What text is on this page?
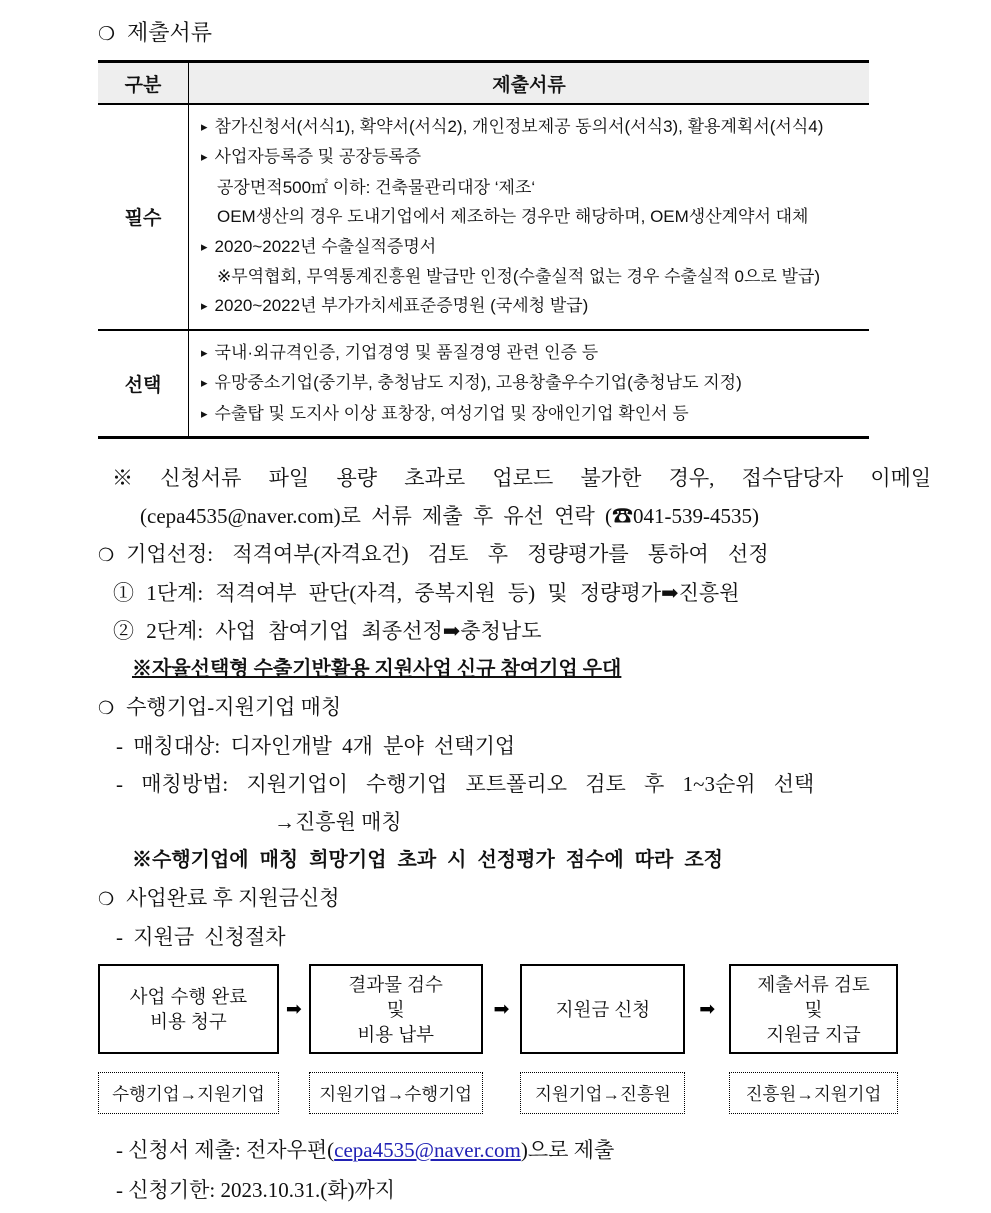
❍ 제출서류
구분	제출서류
필수
▸ 참가신청서(서식1), 확약서(서식2), 개인정보제공 동의서(서식3), 활용계획서(서식4)
▸ 사업자등록증 및 공장등록증
공장면적500㎡ 이하: 건축물관리대장 ‘제조‘
OEM생산의 경우 도내기업에서 제조하는 경우만 해당하며, OEM생산계약서 대체
▸ 2020~2022년 수출실적증명서
※무역협회, 무역통계진흥원 발급만 인정(수출실적 없는 경우 수출실적 0으로 발급)
▸ 2020~2022년 부가가치세표준증명원 (국세청 발급)
선택
▸ 국내·외규격인증, 기업경영 및 품질경영 관련 인증 등
▸ 유망중소기업(중기부, 충청남도 지정), 고용창출우수기업(충청남도 지정)
▸ 수출탑 및 도지사 이상 표창장, 여성기업 및 장애인기업 확인서 등
※ 신청서류 파일 용량 초과로 업로드 불가한 경우, 접수담당자 이메일
(cepa4535@naver.com)로 서류 제출 후 유선 연락 (☎041-539-4535)
❍ 기업선정: 적격여부(자격요건) 검토 후 정량평가를 통하여 선정
① 1단계: 적격여부 판단(자격, 중복지원 등) 및 정량평가➡진흥원
② 2단계: 사업 참여기업 최종선정➡충청남도
※자율선택형 수출기반활용 지원사업 신규 참여기업 우대
❍ 수행기업-지원기업 매칭
- 매칭대상: 디자인개발 4개 분야 선택기업
- 매칭방법: 지원기업이 수행기업 포트폴리오 검토 후 1~3순위 선택
→진흥원 매칭
※수행기업에 매칭 희망기업 초과 시 선정평가 점수에 따라 조정
❍ 사업완료 후 지원금신청
- 지원금 신청절차
사업 수행 완료
비용 청구
➡
결과물 검수
및
비용 납부
➡	지원금 신청	➡
제출서류 검토
및
지원금 지급
수행기업→지원기업	지원기업→수행기업	지원기업→진흥원	진흥원→지원기업
- 신청서 제출: 전자우편(cepa4535@naver.com)으로 제출
- 신청기한: 2023.10.31.(화)까지
